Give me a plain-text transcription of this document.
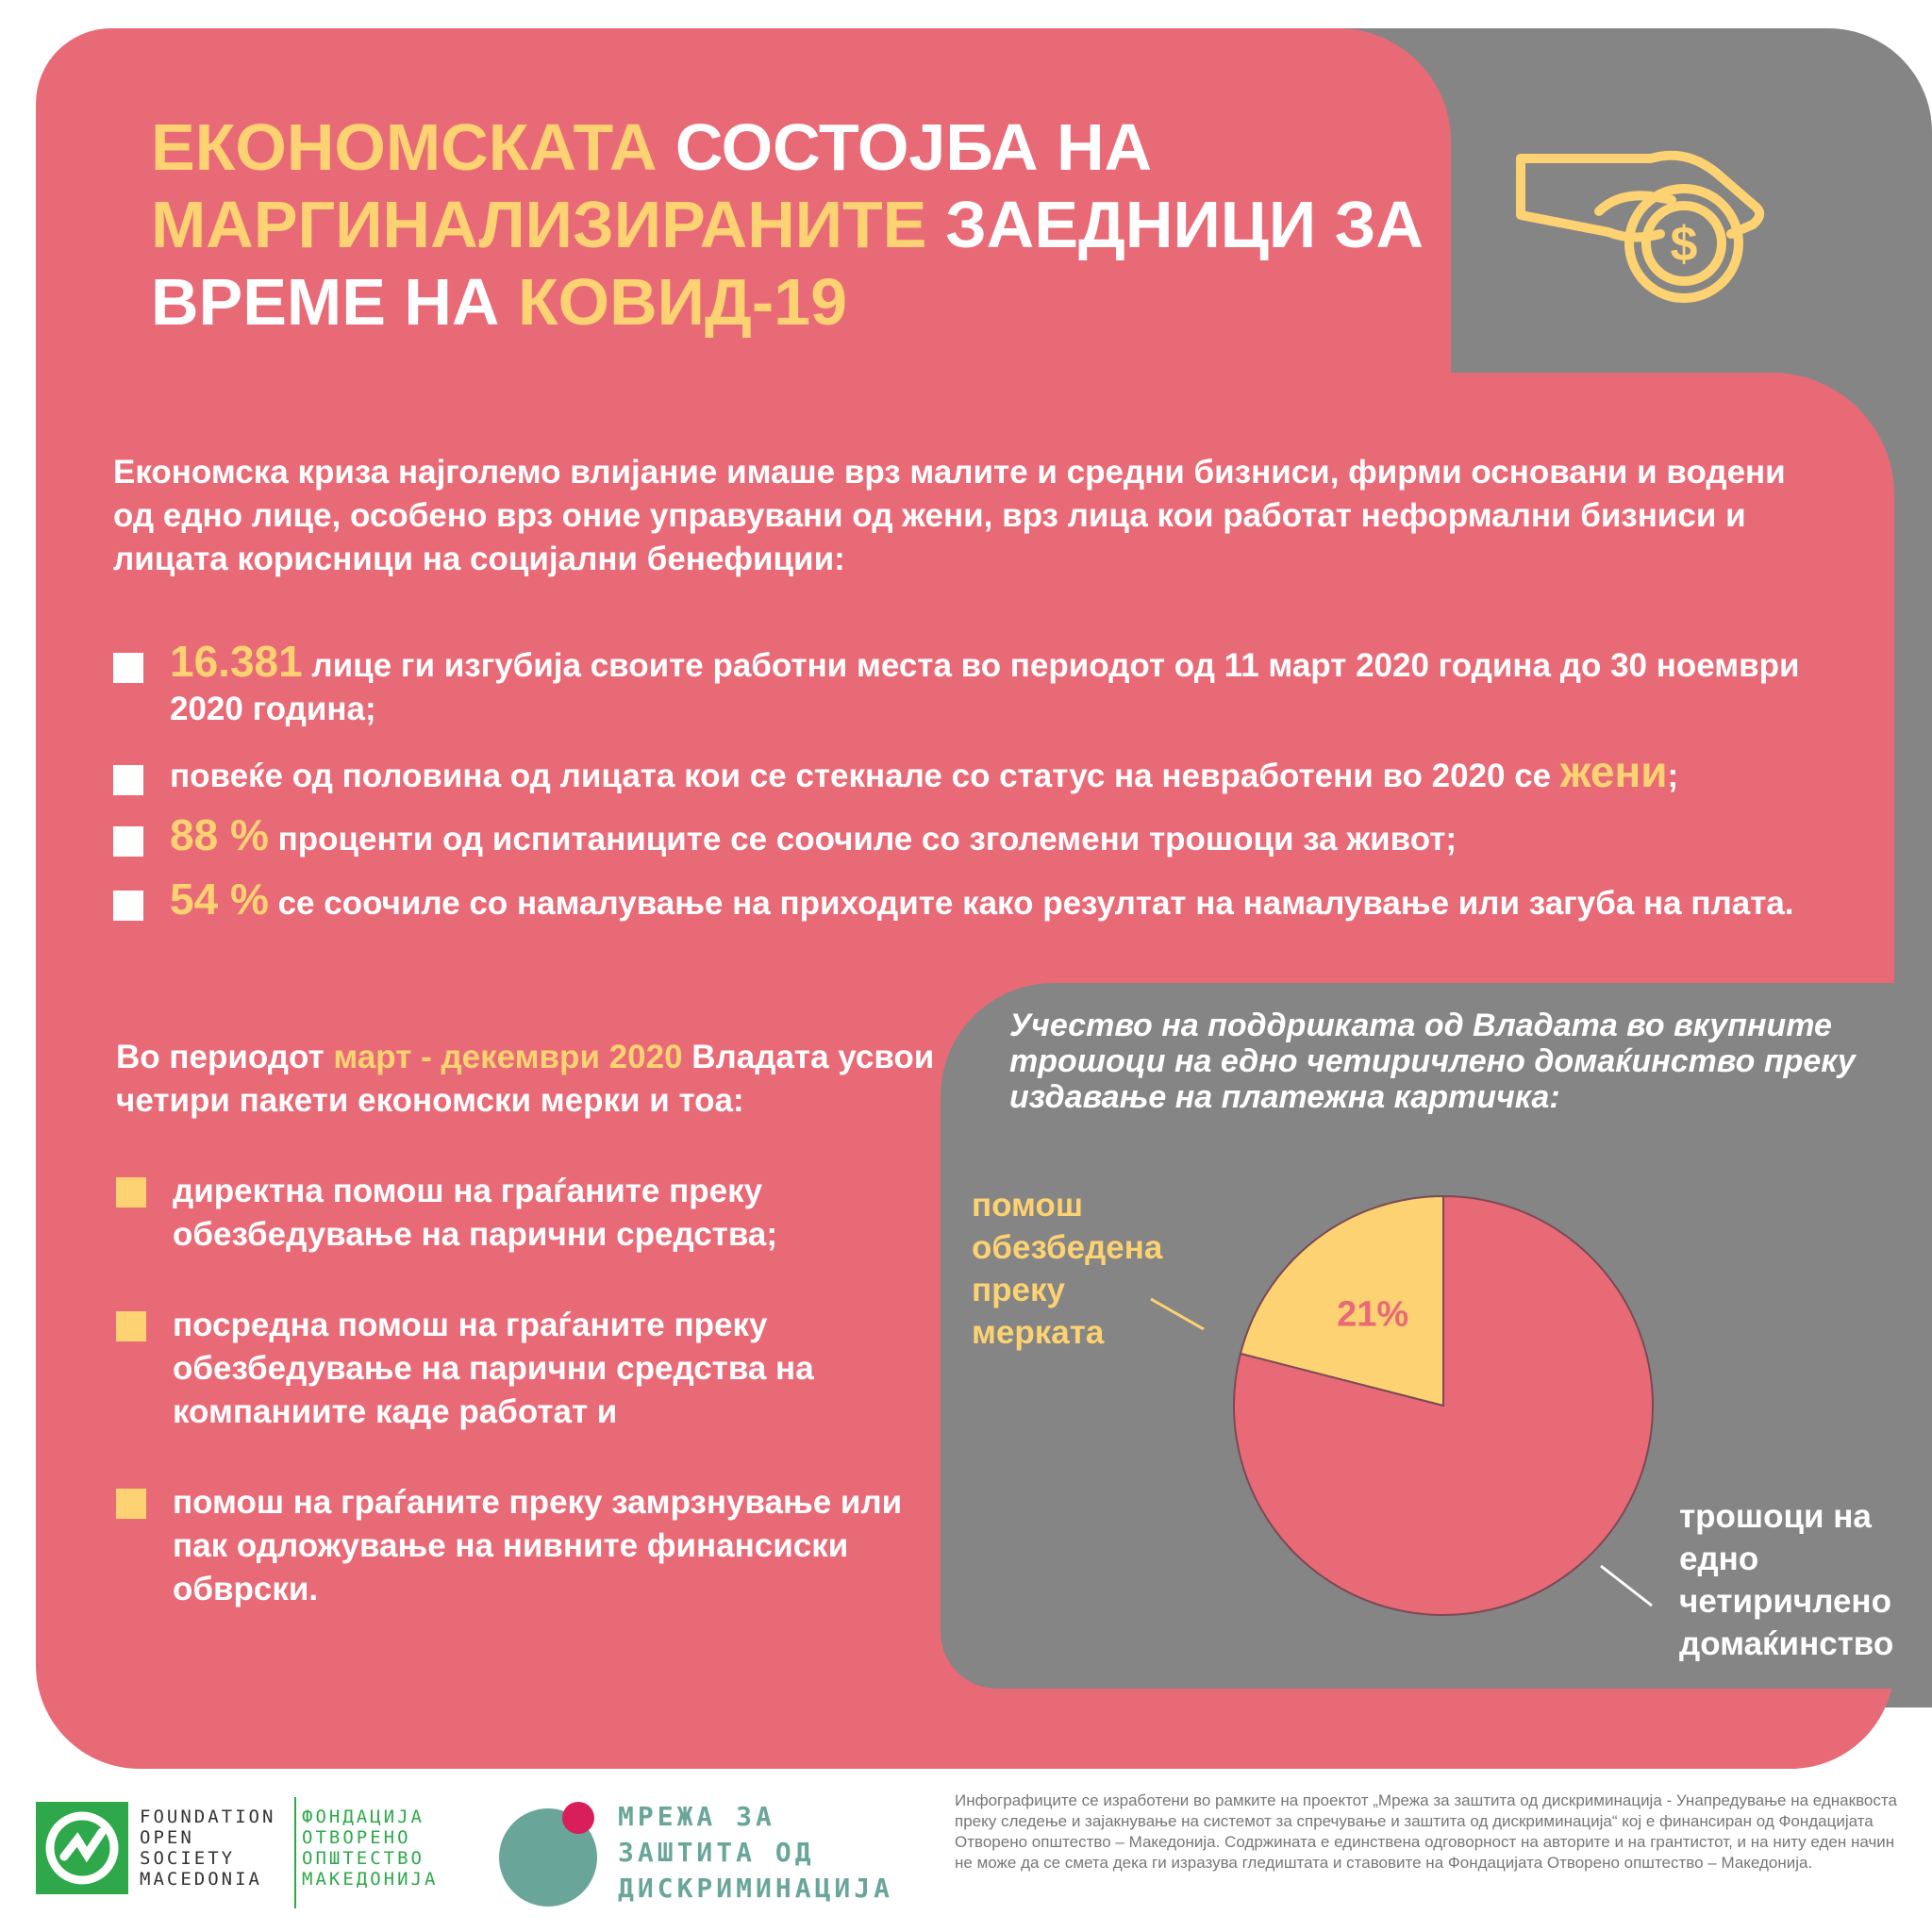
ЕКОНОМСКАТА СОСТОЈБА НА МАРГИНАЛИЗИРАНИТЕ ЗАЕДНИЦИ ЗА ВРЕМЕ НА КОВИД-19
$
Економска криза најголемо влијание имаше врз малите и средни бизниси, фирми основани и водени од едно лице, особено врз оние управувани од жени, врз лица кои работат неформални бизниси и лицата корисници на социјални бенефиции:
16.381 лице ги изгубија своите работни места во периодот од 11 март 2020 година до 30 ноември 2020 година;
повеќе од половина од лицата кои се стекнале со статус на невработени во 2020 се жени;
88 % проценти од испитаниците се соочиле со зголемени трошоци за живот;
54 % се соочиле со намалување на приходите како резултат на намалување или загуба на плата.
Во периодот март - декември 2020 Владата усвои четири пакети економски мерки и тоа:
директна помош на граѓаните преку обезбедување на парични средства;
посредна помош на граѓаните преку обезбедување на парични средства на компаниите каде работат и
помош на граѓаните преку замрзнување или пак одложување на нивните финансиски обврски.
Учество на поддршката од Владата во вкупните трошоци на едно четиричлено домаќинство преку издавање на платежна картичка:
21%
помош обезбедена преку мерката
трошоци на едно четиричлено домаќинство
FOUNDATION
OPEN
SOCIETY
MACEDONIA
ФОНДАЦИЈА
ОТВОРЕНО
ОПШТЕСТВО
МАКЕДОНИЈА
МРЕЖА ЗА
ЗАШТИТА ОД
ДИСКРИМИНАЦИЈА
Инфографиците се изработени во рамките на проектот „Мрежа за заштита од дискриминација - Унапредување на еднаквоста преку следење и зајакнување на системот за спречување и заштита од дискриминација“ кој е финансиран од Фондацијата Отворено општество – Македонија. Содржината е единствена одговорност на авторите и на грантистот, и на ниту еден начин не може да се смета дека ги изразува гледиштата и ставовите на Фондацијата Отворено општество – Македонија.
